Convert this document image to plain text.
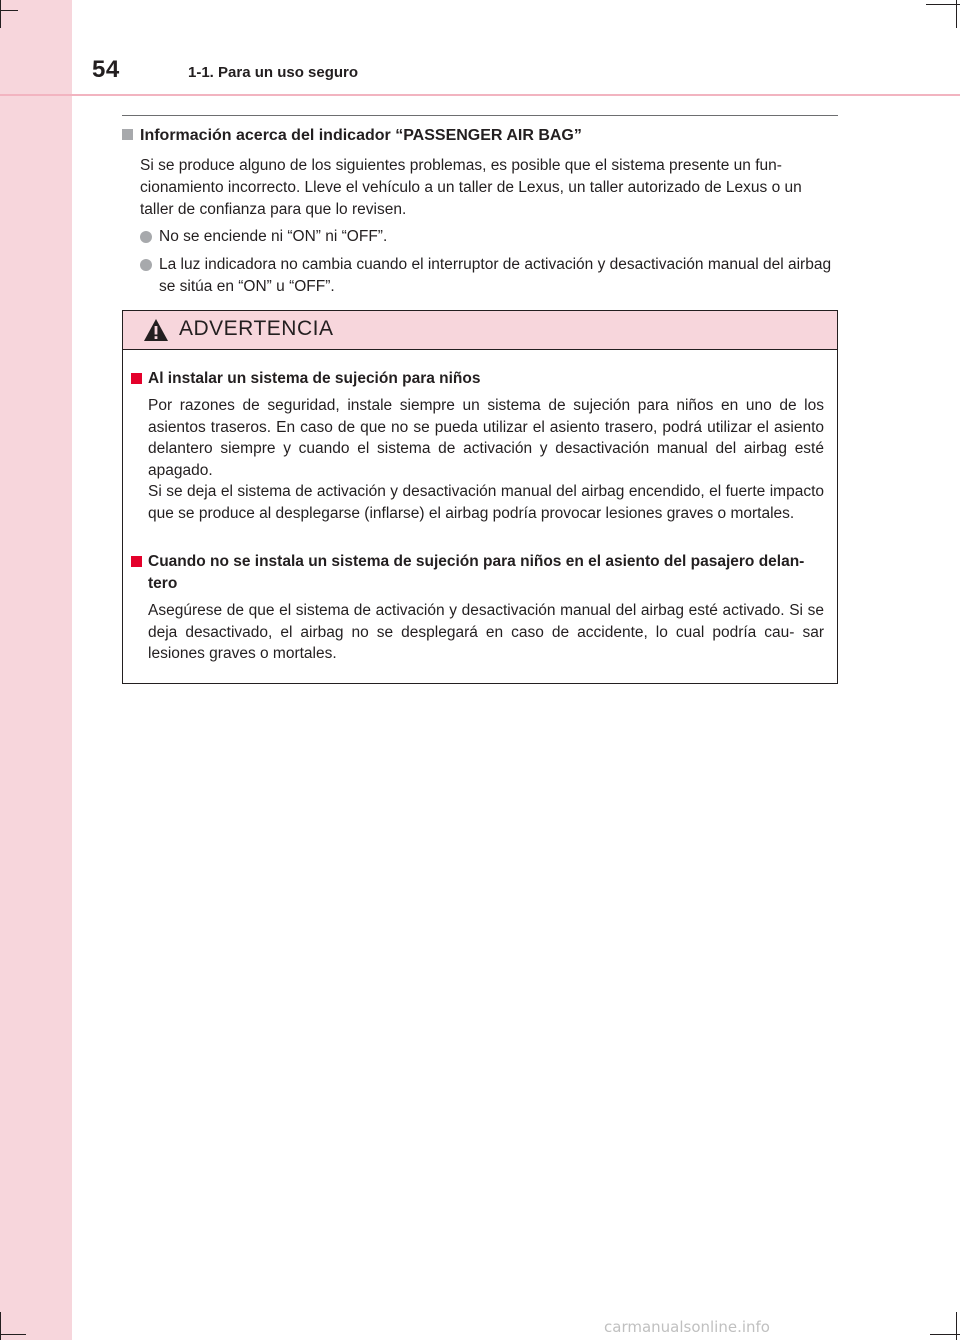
54	1-1. Para un uso seguro
Información acerca del indicador “PASSENGER AIR BAG”
Si se produce alguno de los siguientes problemas, es posible que el sistema presente un fun- cionamiento incorrecto. Lleve el vehículo a un taller de Lexus, un taller autorizado de Lexus o un taller de confianza para que lo revisen.
No se enciende ni “ON” ni “OFF”.
La luz indicadora no cambia cuando el interruptor de activación y desactivación manual del airbag se sitúa en “ON” u “OFF”.
ADVERTENCIA
Al instalar un sistema de sujeción para niños

Por razones de seguridad, instale siempre un sistema de sujeción para niños en uno de los asientos traseros. En caso de que no se pueda utilizar el asiento trasero, podrá utilizar el asiento delantero siempre y cuando el sistema de activación y desactivación manual del airbag esté apagado.

Si se deja el sistema de activación y desactivación manual del airbag encendido, el fuerte impacto que se produce al desplegarse (inflarse) el airbag podría provocar lesiones graves o mortales.

Cuando no se instala un sistema de sujeción para niños en el asiento del pasajero delan- tero

Asegúrese de que el sistema de activación y desactivación manual del airbag esté activado. Si se deja desactivado, el airbag no se desplegará en caso de accidente, lo cual podría cau- sar lesiones graves o mortales.

carmanualsonline.info
